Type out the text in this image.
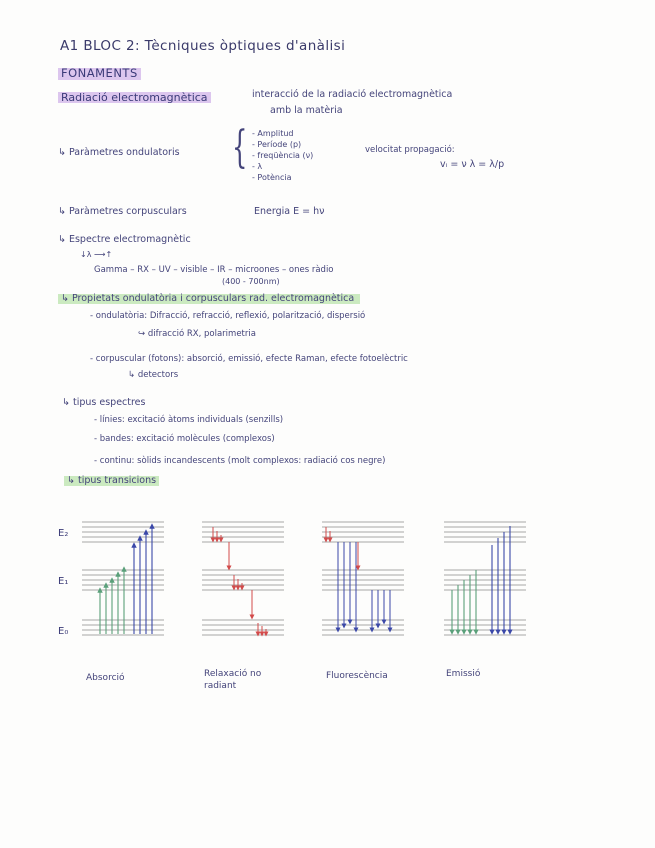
A1 BLOC 2: Tècniques òptiques d'anàlisi
FONAMENTS
Radiació electromagnètica	interacció de la radiació electromagnètica
amb la matèria
↳ Paràmetres ondulatoris { - Amplitud
- Període (p)
- freqüència (ν)
- λ
- Potència
velocitat propagació:
vᵢ = ν λ = λ/p
↳ Paràmetres corpusculars	Energia E = hν
↳ Espectre electromagnètic
↓λ ⟶↑
Gamma – RX – UV – visible – IR – microones – ones ràdio
(400 - 700nm)
↳ Propietats ondulatòria i corpusculars rad. electromagnètica
- ondulatòria: Difracció, refracció, reflexió, polarització, dispersió
↪ difracció RX, polarimetria
- corpuscular (fotons): absorció, emissió, efecte Raman, efecte fotoelèctric
↳ detectors
↳ tipus espectres
- línies: excitació àtoms individuals (senzills)
- bandes: excitació molècules (complexos)
- continu: sòlids incandescents (molt complexos: radiació cos negre)
↳ tipus transicions
E₂
E₁
E₀
Absorció	Relaxació no
radiant
Fluorescència	Emissió
